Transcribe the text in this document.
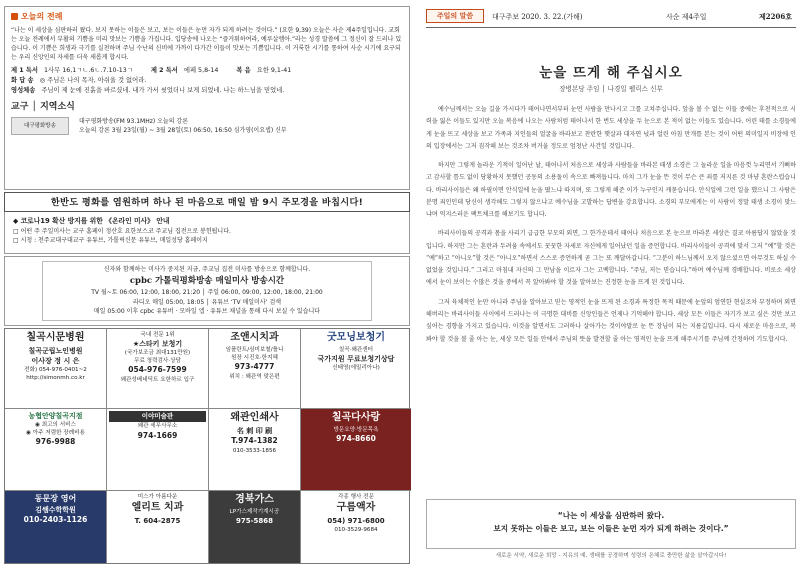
오늘의 전례
“나는 이 세상을 심판하러 왔다. 보지 못하는 이들은 보고, 보는 이들은 눈먼 자가 되게 하려는 것이다.” (요한 9,39) 오늘은 사순 제4주일입니다. 교회는 오늘 전례에서 부활의 기쁨을 미리 맛보는 기쁨을 가집니다. 입당송에 나오는 “즐거워하여라, 예루살렘아.”라는 성경 말씀에 그 정신이 잘 드러나 있습니다. 이 기쁨은 희생과 극기를 실천하며 주님 수난의 신비에 가까이 다가간 이들이 맛보는 기쁨입니다. 이 거룩한 시기를 통하여 사순 시기에 요구되는 우리 신앙인의 자세를 더욱 새롭게 합시다.
제 1 독서 1사무 16,1ㄱㄴ.6ㄴ.7.10-13ㄱ	제 2 독서 에페 5,8-14	복 음 요한 9,1-41
화 답 송 ◎ 주님은 나의 목자, 아쉬울 것 없어라.
영성체송 주님이 제 눈에 진흙을 바르셨네. 내가 가서 씻었더니 보게 되었네. 나는 하느님을 믿었네.
교구 │ 지역소식
대구평화방송
대구평화방송(FM 93.1MHz) 오늘의 강론
오늘의 강론 3월 23일(월) ~ 3월 28일(토) 06:50, 16:50 심가영(이요셉) 신부
한반도 평화를 염원하며 하나 된 마음으로 매일 밤 9시 주모경을 바칩시다!
◆ 코로나19 확산 방지를 위한 《온라인 미사》 안내
□ 어떤 주 주일미사는 교구 홈페이 정산호 요한보스코 주교님 집전으로 봉헌됩니다.
□ 시청 : 천주교대구대교구 유튜브, 가톨릭신문 유튜브, 매일성당 홈페이지
신자와 함께하는 미사가 중지된 지금, 주교님 집전 미사를 방송으로 함께합니다.
cpbc 가톨릭평화방송 매일미사 방송시간
TV 월~토 06:00, 12:00, 18:00, 21:20 │ 주일 06:00, 09:00, 12:00, 18:00, 21:00
라디오 매일 05:00, 18:05 │ 유튜브 ‘TV 매일미사’ 검색
매일 05:00 이후 cpbc 유튜버 · 모바일 앱 · 유튜브 채널을 통해 다시 보실 수 있습니다
칠곡시문병원
칠곡군립노인병원
이사장 정 시 은
전화) 054-976-0401~2
http://simonmh.co.kr
국내 전문 1위
★스타키 보청기
(국가보조금 최대131만원)
무료 청력검사·상담
054-976-7599
왜관성베네딕트 요한하르 입구
조앤시치과
임플란트/심미보철/틀니
원장 시진호·한지혜
973-4777
위치 : 왜관역 맞은편
굿모닝보청기
칠곡·왜관센터
국가지원 무료보청기상담
신태영(에밀리아나)
농협안양칠곡지점
◉ 최고의 서비스
◉ 아주 저렴한 장례비용
976-9988
이야미술관
왜관 세무사무소
974-1669
왜관인쇄사
名 刺 印 刷
T.974-1382
010-3533-1856
칠곡다사랑
방문요양·방문목욕
974-8660
동문장 영어
김쌤수학학원
010-2403-1126
미스가 아름다운
엘리트 치과
T. 604-2875
경북가스
LP가스제작기계시공
975-5868
각종 행사 전문
구름액자
054) 971-6800
010-3529-9684
주일의 말씀	대구주보 2020. 3. 22.(가해)	사순 제4주일	제2206호
눈을 뜨게 해 주십시오
장병본당 주임 │ 나경일 펠릭스 신부

예수님께서는 오늘 길을 가시다가 태어나면서부터 눈먼 사람을 만나시고 그를 고쳐주십니다. 앞을 볼 수 없는 이들 중에는 후천적으로 시력을 잃은 이들도 있지만 오늘 복음에 나오는 사람처럼 태어나서 한 번도 세상을 두 눈으로 본 적이 없는 이들도 있습니다. 어린 태를 소경들에게 눈을 뜨고 세상을 보고 가족과 지인들의 얼굴을 바라보고 찬란한 햇살과 대자연 넋과 얼린 아침 만개를 본는 것이 어떤 의미일지 비장에 인의 입장에서는 그저 짐작해 보는 것조차 버거울 정도로 엄청난 사건일 것입니다.

하지만 그렇게 놀라운 기적이 일어난 날, 태어나서 처음으로 세상과 사람들을 바라본 태생 소경은 그 놀라운 일을 마음껏 누리면서 기뻐하고 감사할 틈도 없이 당황하지 못했던 공동의 소용돌이 속으로 빠져듭니다. 마치 그가 눈을 뜬 것이 무슨 큰 죄를 저지른 것 마냥 혼란스럽습니다. 바리사이들은 왜 하필이면 안식일에 눈을 떴느냐 따지며, 또 그렇게 해준 이가 누구인지 캐묻습니다. 안식일에 그런 일을 했으니 그 사람은 분명 죄인인데 당신이 생각해도 그렇지 않으냐고 예수님을 고발하는 답변을 강요합니다. 소경의 부모에게는 이 사람이 정말 태생 소경이 맞느냐며 억지스러운 팩트체크를 해보기도 합니다.

바리사이들의 공격과 몸을 사리기 급급한 부모의 외면, 그 한가운데서 태어나 처음으로 본 눈으로 바라본 세상은 결코 아름답지 않았을 것입니다. 하지만 그는 혼란과 두려움 속에서도 꿋꿋한 자세로 자신에게 일어났던 일을 증언합니다. 바리사이들이 공격에 맞서 그저 “예”할 것은 “예”하고 “아니오”할 것은 “아니오”하면서 스스로 증언하게 곧 그는 또 깨달아갑니다. “그분이 하느님께서 오지 않으셨으면 아무것도 하실 수 없었을 것입니다.” 그리고 마침내 자신의 그 만남을 이르자 그는 고백합니다. “주님, 저는 믿습니다.”하며 예수님께 경배합니다. 비로소 세상에서 눈이 보이는 수많은 것을 중에서 꼭 알아봐야 할 것을 알아보는 진정한 눈을 뜨게 된 것입니다.

그저 육체적인 눈만 아니라 주님을 알아보고 믿는 영적인 눈을 뜨게 된 소경과 특정한 목적 때문에 눈앞의 엄연한 현실조차 부정하며 외면해버리는 바리사이들 사이에서 드러나는 이 극명한 대비를 신앙인들은 언제나 기억해야 합니다. 세상 모든 이들은 자기가 보고 싶은 것만 보고 싶어는 경향을 가지고 있습니다. 이것을 알면서도 그러하나 살아가는 것이야말로 눈 뜬 장님이 되는 지름길입니다. 다시 새로운 마음으로, 복 봐야 할 것을 볼 줄 아는 눈, 세상 모든 일들 안에서 주님의 뜻을 발견할 줄 아는 영적인 눈을 뜨게 해주시기를 주님께 간청하며 기도합시다.

“나는 이 세상을 심판하러 왔다.
보지 못하는 이들은 보고, 보는 이들은 눈먼 자가 되게 하려는 것이다.”
새로운 서약, 새로운 희망 - 지유의 예, 생태를 공경하며 성령의 은혜로 충만한 삶을 살아갑시다!
